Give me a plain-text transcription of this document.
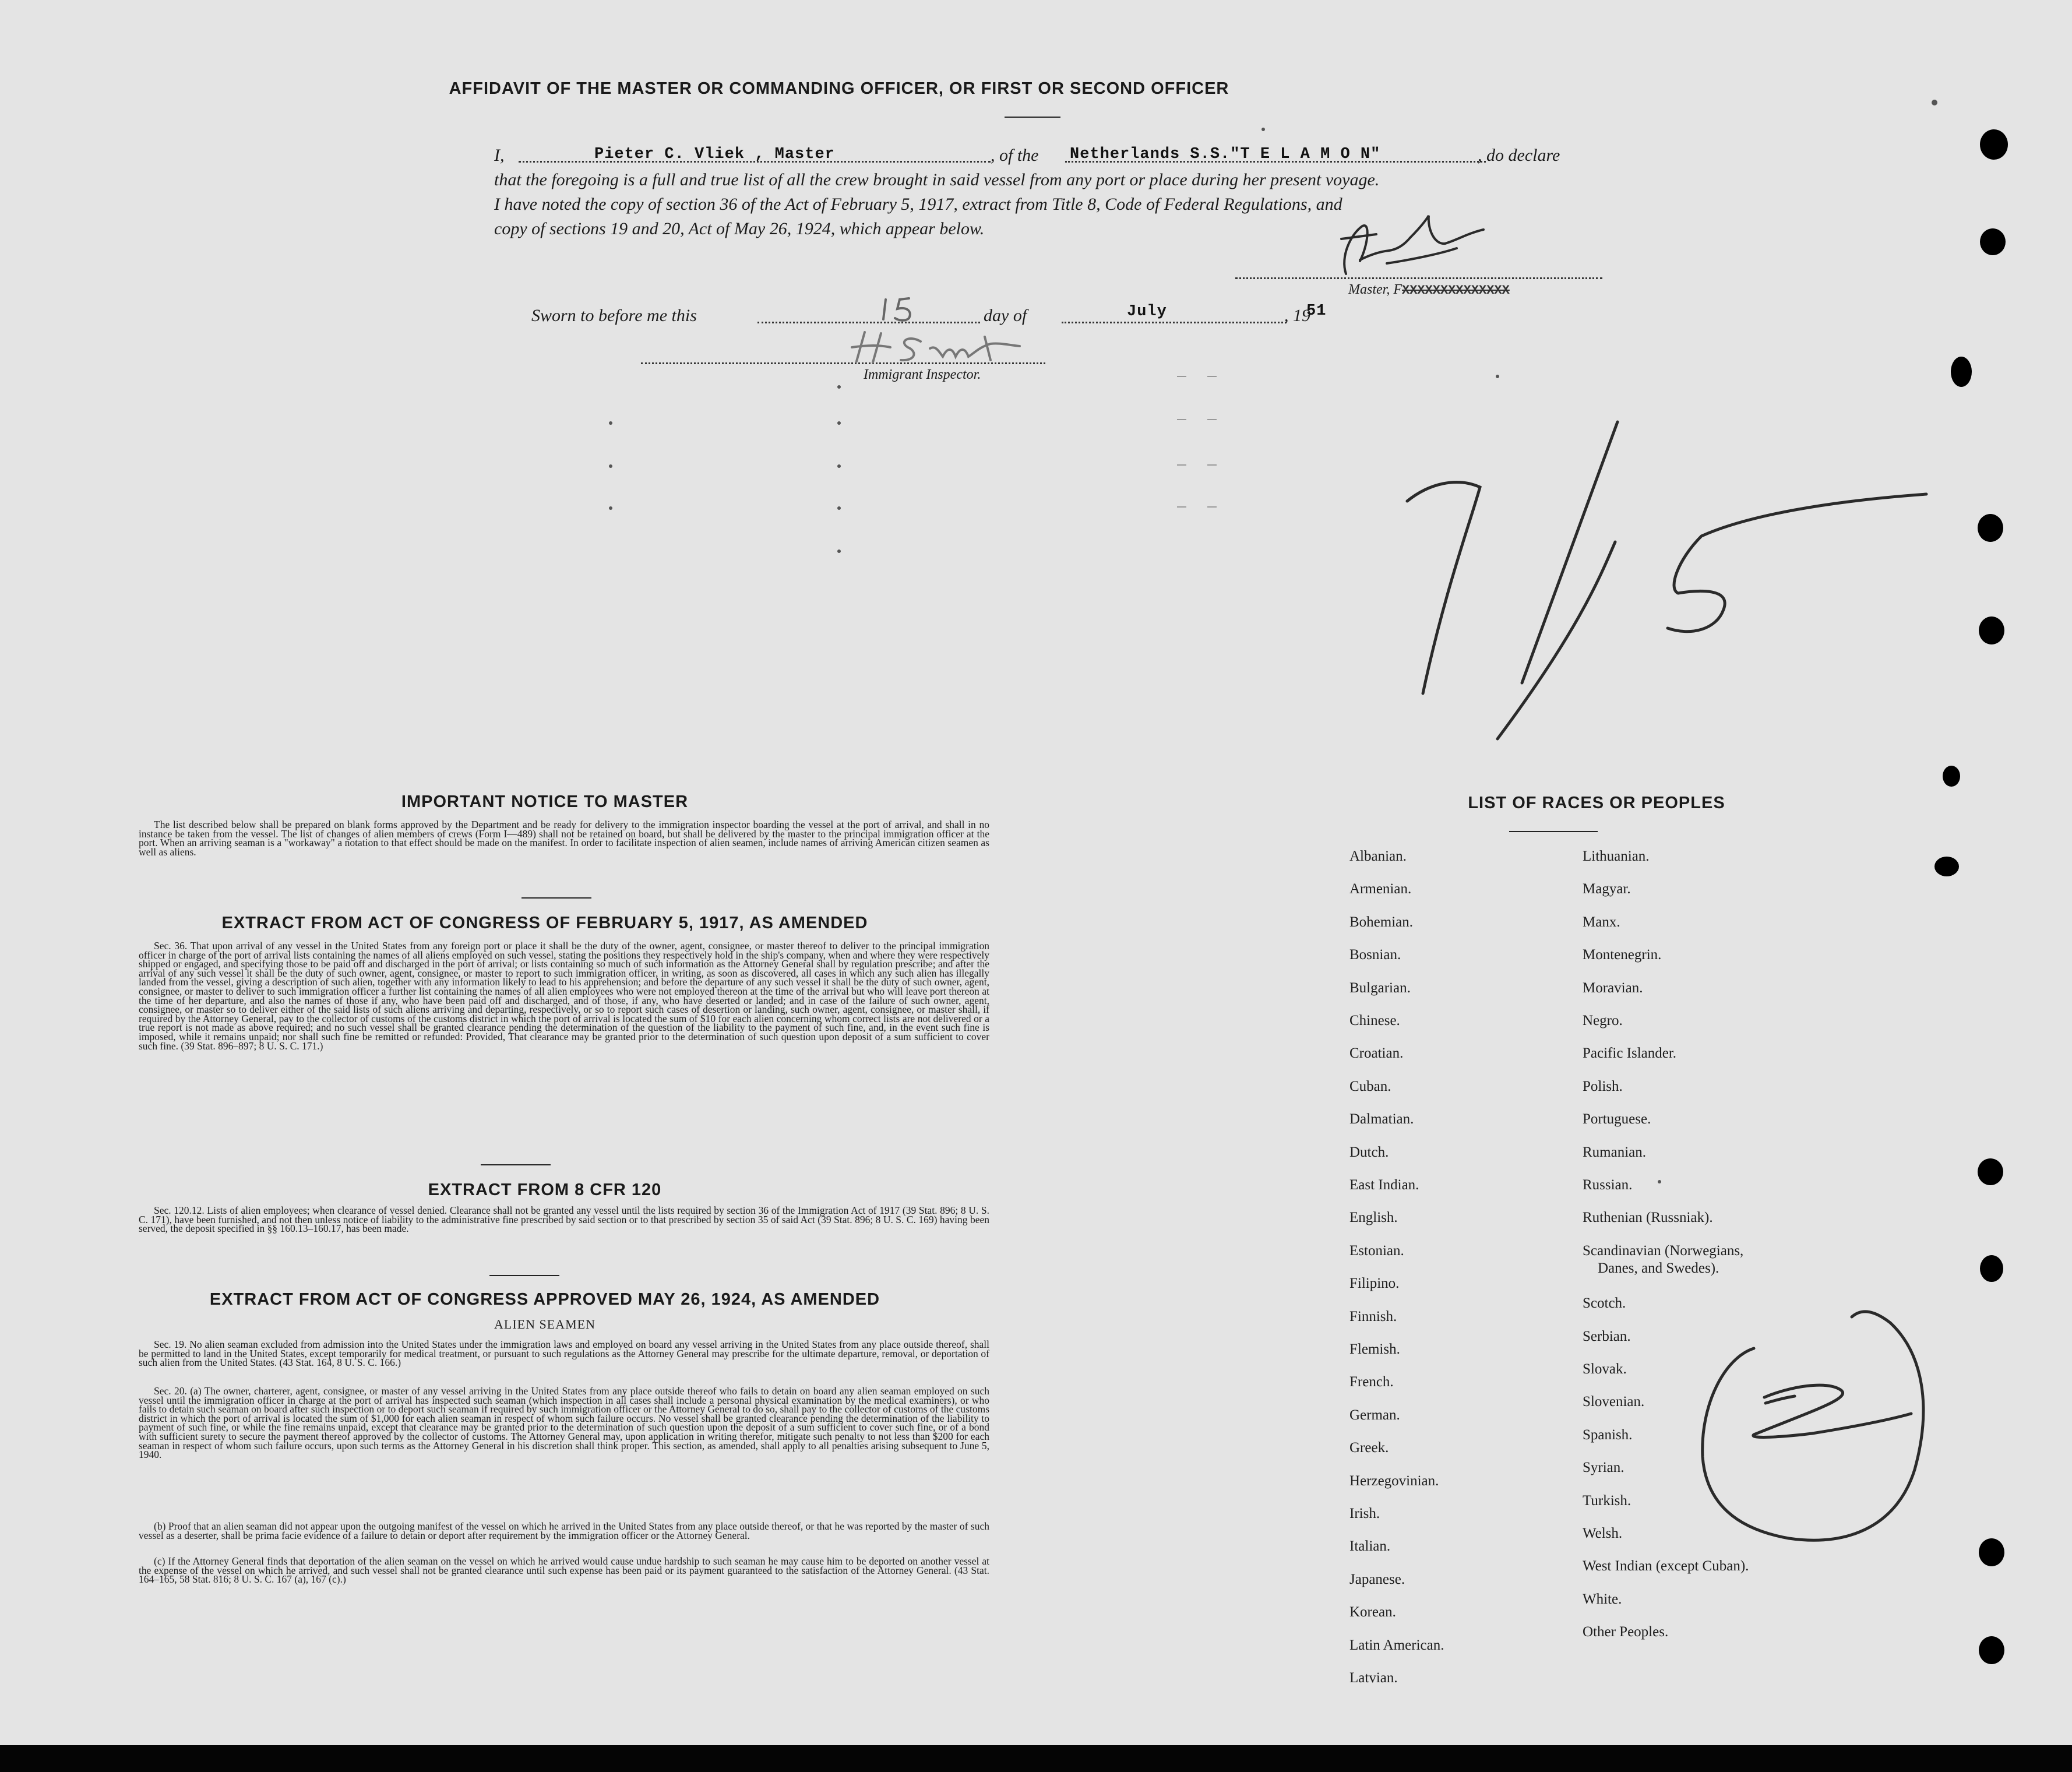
AFFIDAVIT OF THE MASTER OR COMMANDING OFFICER, OR FIRST OR SECOND OFFICER
I,	Pieter C. Vliek , Master	, of the Netherlands S.S."T E L A M O N"	, do declare
that the foregoing is a full and true list of all the crew brought in said vessel from any port or place during her present voyage.
I have noted the copy of section 36 of the Act of February 5, 1917, extract from Title 8, Code of Federal Regulations, and
copy of sections 19 and 20, Act of May 26, 1924, which appear below.
Master, FXXXXXXXXXXXXXX
Sworn to before me this	day of	July	, 19
51
Immigrant Inspector.
IMPORTANT NOTICE TO MASTER

The list described below shall be prepared on blank forms approved by the Department and be ready for delivery to the immigration inspector boarding the vessel at the port of arrival, and shall in no instance be taken from the vessel. The list of changes of alien members of crews (Form I—489) shall not be retained on board, but shall be delivered by the master to the principal immigration officer at the port. When an arriving seaman is a "workaway" a notation to that effect should be made on the manifest. In order to facilitate inspection of alien seamen, include names of arriving American citizen seamen as well as aliens.

EXTRACT FROM ACT OF CONGRESS OF FEBRUARY 5, 1917, AS AMENDED

Sec. 36. That upon arrival of any vessel in the United States from any foreign port or place it shall be the duty of the owner, agent, consignee, or master thereof to deliver to the principal immigration officer in charge of the port of arrival lists containing the names of all aliens employed on such vessel, stating the positions they respectively hold in the ship's company, when and where they were respectively shipped or engaged, and specifying those to be paid off and discharged in the port of arrival; or lists containing so much of such information as the Attorney General shall by regulation prescribe; and after the arrival of any such vessel it shall be the duty of such owner, agent, consignee, or master to report to such immigration officer, in writing, as soon as discovered, all cases in which any such alien has illegally landed from the vessel, giving a description of such alien, together with any information likely to lead to his apprehension; and before the departure of any such vessel it shall be the duty of such owner, agent, consignee, or master to deliver to such immigration officer a further list containing the names of all alien employees who were not employed thereon at the time of the arrival but who will leave port thereon at the time of her departure, and also the names of those if any, who have been paid off and discharged, and of those, if any, who have deserted or landed; and in case of the failure of such owner, agent, consignee, or master so to deliver either of the said lists of such aliens arriving and departing, respectively, or so to report such cases of desertion or landing, such owner, agent, consignee, or master shall, if required by the Attorney General, pay to the collector of customs of the customs district in which the port of arrival is located the sum of $10 for each alien concerning whom correct lists are not delivered or a true report is not made as above required; and no such vessel shall be granted clearance pending the determination of the question of the liability to the payment of such fine, and, in the event such fine is imposed, while it remains unpaid; nor shall such fine be remitted or refunded: Provided, That clearance may be granted prior to the determination of such question upon deposit of a sum sufficient to cover such fine. (39 Stat. 896–897; 8 U. S. C. 171.)

EXTRACT FROM 8 CFR 120

Sec. 120.12. Lists of alien employees; when clearance of vessel denied. Clearance shall not be granted any vessel until the lists required by section 36 of the Immigration Act of 1917 (39 Stat. 896; 8 U. S. C. 171), have been furnished, and not then unless notice of liability to the administrative fine prescribed by said section or to that prescribed by section 35 of said Act (39 Stat. 896; 8 U. S. C. 169) having been served, the deposit specified in §§ 160.13–160.17, has been made.

EXTRACT FROM ACT OF CONGRESS APPROVED MAY 26, 1924, AS AMENDED
ALIEN SEAMEN

Sec. 19. No alien seaman excluded from admission into the United States under the immigration laws and employed on board any vessel arriving in the United States from any place outside thereof, shall be permitted to land in the United States, except temporarily for medical treatment, or pursuant to such regulations as the Attorney General may prescribe for the ultimate departure, removal, or deportation of such alien from the United States. (43 Stat. 164, 8 U. S. C. 166.)

Sec. 20. (a) The owner, charterer, agent, consignee, or master of any vessel arriving in the United States from any place outside thereof who fails to detain on board any alien seaman employed on such vessel until the immigration officer in charge at the port of arrival has inspected such seaman (which inspection in all cases shall include a personal physical examination by the medical examiners), or who fails to detain such seaman on board after such inspection or to deport such seaman if required by such immigration officer or the Attorney General to do so, shall pay to the collector of customs of the customs district in which the port of arrival is located the sum of $1,000 for each alien seaman in respect of whom such failure occurs. No vessel shall be granted clearance pending the determination of the liability to payment of such fine, or while the fine remains unpaid, except that clearance may be granted prior to the determination of such question upon the deposit of a sum sufficient to cover such fine, or of a bond with sufficient surety to secure the payment thereof approved by the collector of customs. The Attorney General may, upon application in writing therefor, mitigate such penalty to not less than $200 for each seaman in respect of whom such failure occurs, upon such terms as the Attorney General in his discretion shall think proper. This section, as amended, shall apply to all penalties arising subsequent to June 5, 1940.

(b) Proof that an alien seaman did not appear upon the outgoing manifest of the vessel on which he arrived in the United States from any place outside thereof, or that he was reported by the master of such vessel as a deserter, shall be prima facie evidence of a failure to detain or deport after requirement by the immigration officer or the Attorney General.

(c) If the Attorney General finds that deportation of the alien seaman on the vessel on which he arrived would cause undue hardship to such seaman he may cause him to be deported on another vessel at the expense of the vessel on which he arrived, and such vessel shall not be granted clearance until such expense has been paid or its payment guaranteed to the satisfaction of the Attorney General. (43 Stat. 164–165, 58 Stat. 816; 8 U. S. C. 167 (a), 167 (c).)

LIST OF RACES OR PEOPLES
Albanian.
Armenian.
Bohemian.
Bosnian.
Bulgarian.
Chinese.
Croatian.
Cuban.
Dalmatian.
Dutch.
East Indian.
English.
Estonian.
Filipino.
Finnish.
Flemish.
French.
German.
Greek.
Herzegovinian.
Irish.
Italian.
Japanese.
Korean.
Latin American.
Latvian.
Lithuanian.
Magyar.
Manx.
Montenegrin.
Moravian.
Negro.
Pacific Islander.
Polish.
Portuguese.
Rumanian.
Russian.
Ruthenian (Russniak).
Scandinavian (Norwegians,
Danes, and Swedes).
Scotch.
Serbian.
Slovak.
Slovenian.
Spanish.
Syrian.
Turkish.
Welsh.
West Indian (except Cuban).
White.
Other Peoples.
